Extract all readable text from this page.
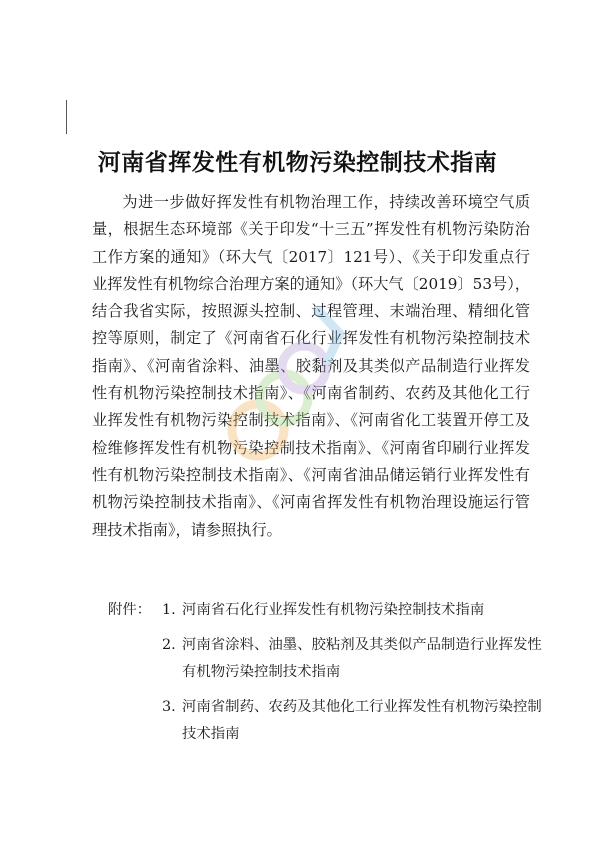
河南省挥发性有机物污染控制技术指南

为进一步做好挥发性有机物治理工作，持续改善环境空气质量，根据生态环境部《关于印发“十三五”挥发性有机物污染防治工作方案的通知》（环大气〔2017〕121号）、《关于印发重点行业挥发性有机物综合治理方案的通知》（环大气〔2019〕53号），结合我省实际，按照源头控制、过程管理、末端治理、精细化管控等原则，制定了《河南省石化行业挥发性有机物污染控制技术指南》、《河南省涂料、油墨、胶黏剂及其类似产品制造行业挥发性有机物污染控制技术指南》、《河南省制药、农药及其他化工行业挥发性有机物污染控制技术指南》、《河南省化工装置开停工及检维修挥发性有机物污染控制技术指南》、《河南省印刷行业挥发性有机物污染控制技术指南》、《河南省油品储运销行业挥发性有机物污染控制技术指南》、《河南省挥发性有机物治理设施运行管理技术指南》，请参照执行。

附件： 1. 河南省石化行业挥发性有机物污染控制技术指南
2. 河南省涂料、油墨、胶粘剂及其类似产品制造行业挥发性有机物污染控制技术指南
3. 河南省制药、农药及其他化工行业挥发性有机物污染控制技术指南
